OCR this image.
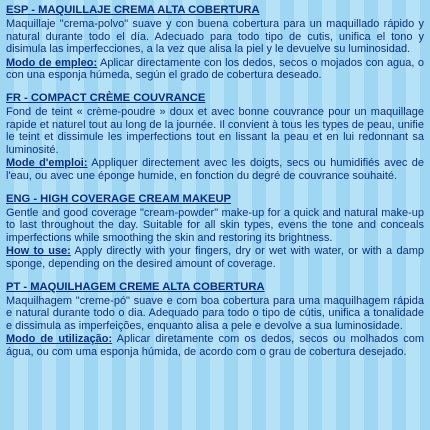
ESP - MAQUILLAJE CREMA ALTA COBERTURA

Maquillaje "crema-polvo" suave y con buena cobertura para un maquillado rápido y natural durante todo el día. Adecuado para todo tipo de cutis, unifica el tono y disimula las imperfecciones, a la vez que alisa la piel y le devuelve su luminosidad.

Modo de empleo: Aplicar directamente con los dedos, secos o mojados con agua, o con una esponja húmeda, según el grado de cobertura deseado.

FR - COMPACT CRÈME COUVRANCE

Fond de teint « crème-poudre » doux et avec bonne couvrance pour un maquillage rapide et naturel tout au long de la journée. Il convient à tous les types de peau, unifie le teint et dissimule les imperfections tout en lissant la peau et en lui redonnant sa luminosité.

Mode d'emploi: Appliquer directement avec les doigts, secs ou humidifiés avec de l'eau, ou avec une éponge humide, en fonction du degré de couvrance souhaité.

ENG - HIGH COVERAGE CREAM MAKEUP

Gentle and good coverage "cream-powder" make-up for a quick and natural make-up to last throughout the day. Suitable for all skin types, evens the tone and conceals imperfections while smoothing the skin and restoring its brightness.

How to use: Apply directly with your fingers, dry or wet with water, or with a damp sponge, depending on the desired amount of coverage.

PT - MAQUILHAGEM CREME ALTA COBERTURA

Maquilhagem "creme-pó" suave e com boa cobertura para uma maquilhagem rápida e natural durante todo o dia. Adequado para todo o tipo de cútis, unifica a tonalidade e dissimula as imperfeições, enquanto alisa a pele e devolve a sua luminosidade.

Modo de utilização: Aplicar diretamente com os dedos, secos ou molhados com água, ou com uma esponja húmida, de acordo com o grau de cobertura desejado.
